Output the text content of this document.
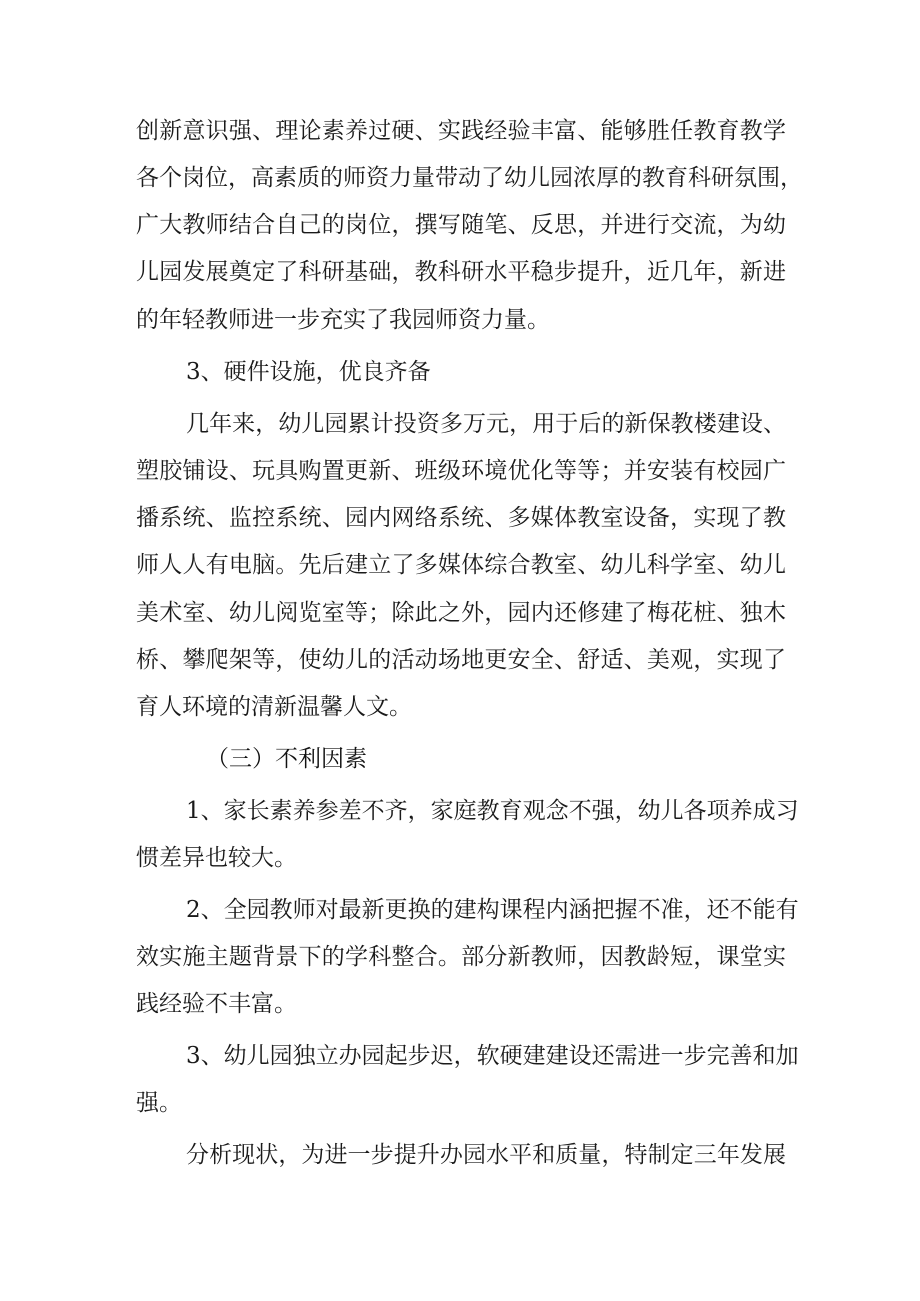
创新意识强、理论素养过硬、实践经验丰富、能够胜任教育教学
各个岗位，高素质的师资力量带动了幼儿园浓厚的教育科研氛围，
广大教师结合自己的岗位，撰写随笔、反思，并进行交流，为幼
儿园发展奠定了科研基础，教科研水平稳步提升，近几年，新进
的年轻教师进一步充实了我园师资力量。
3、硬件设施，优良齐备
几年来，幼儿园累计投资多万元，用于后的新保教楼建设、
塑胶铺设、玩具购置更新、班级环境优化等等；并安装有校园广
播系统、监控系统、园内网络系统、多媒体教室设备，实现了教
师人人有电脑。先后建立了多媒体综合教室、幼儿科学室、幼儿
美术室、幼儿阅览室等；除此之外，园内还修建了梅花桩、独木
桥、攀爬架等，使幼儿的活动场地更安全、舒适、美观，实现了
育人环境的清新温馨人文。
（三）不利因素
1、家长素养参差不齐，家庭教育观念不强，幼儿各项养成习
惯差异也较大。
2、全园教师对最新更换的建构课程内涵把握不准，还不能有
效实施主题背景下的学科整合。部分新教师，因教龄短，课堂实
践经验不丰富。
3、幼儿园独立办园起步迟，软硬建建设还需进一步完善和加
强。
分析现状，为进一步提升办园水平和质量，特制定三年发展
